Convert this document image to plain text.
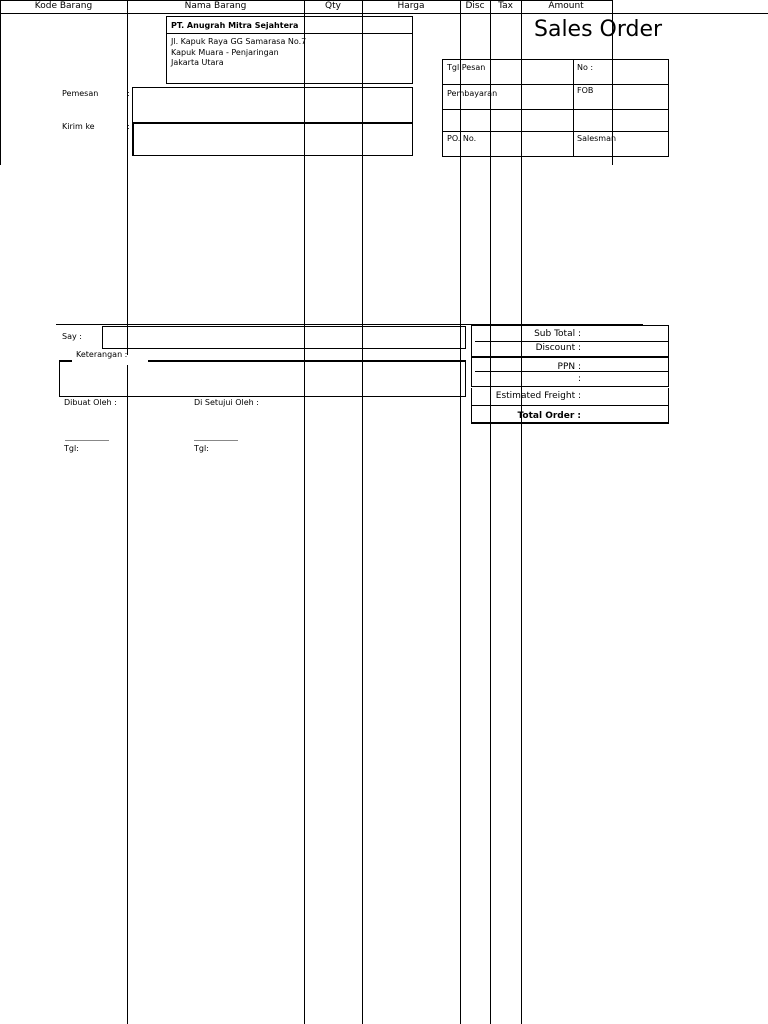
PT. Anugrah Mitra Sejahtera
Jl. Kapuk Raya GG Samarasa No.7
Kapuk Muara - Penjaringan
Jakarta Utara
Sales Order
Tgl Pesan	No :
Pembayaran	FOB
PO. No.	Salesman
Pemesan	:
Kirim ke	:
Kode Barang	Nama Barang	Qty	Harga	Disc	Tax	Amount
Say :
Keterangan :
Sub Total :
Discount :
PPN :
:
Estimated Freight :
Total Order :
Dibuat Oleh :	Di Setujui Oleh :
Tgl:	Tgl:
